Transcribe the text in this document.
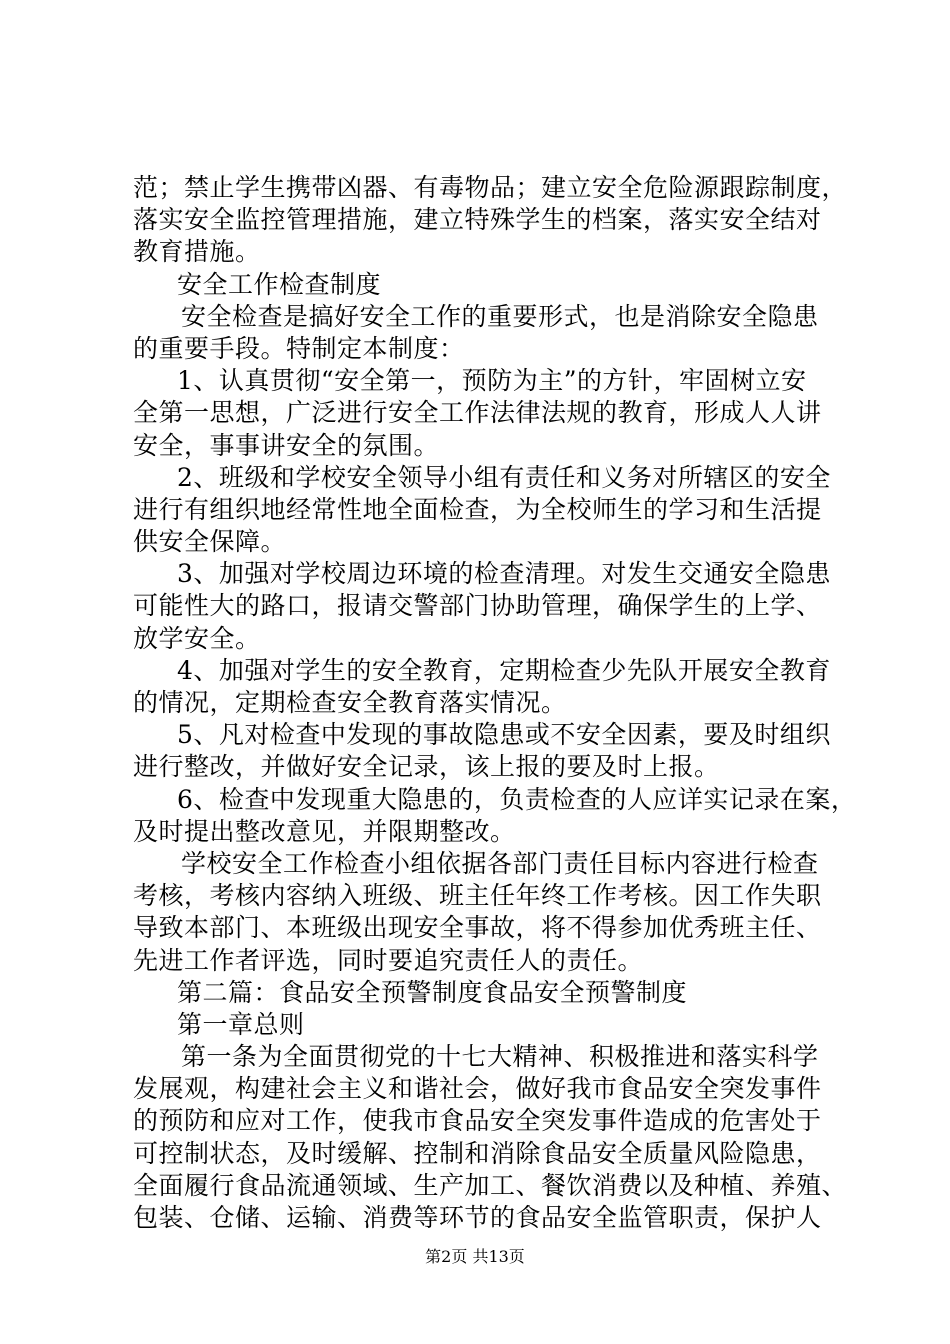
范；禁止学生携带凶器、有毒物品；建立安全危险源跟踪制度，
落实安全监控管理措施，建立特殊学生的档案，落实安全结对
教育措施。
安全工作检查制度
安全检查是搞好安全工作的重要形式，也是消除安全隐患
的重要手段。特制定本制度：
1、认真贯彻“安全第一，预防为主”的方针，牢固树立安
全第一思想，广泛进行安全工作法律法规的教育，形成人人讲
安全，事事讲安全的氛围。
2、班级和学校安全领导小组有责任和义务对所辖区的安全
进行有组织地经常性地全面检查，为全校师生的学习和生活提
供安全保障。
3、加强对学校周边环境的检查清理。对发生交通安全隐患
可能性大的路口，报请交警部门协助管理，确保学生的上学、
放学安全。
4、加强对学生的安全教育，定期检查少先队开展安全教育
的情况，定期检查安全教育落实情况。
5、凡对检查中发现的事故隐患或不安全因素，要及时组织
进行整改，并做好安全记录，该上报的要及时上报。
6、检查中发现重大隐患的，负责检查的人应详实记录在案，
及时提出整改意见，并限期整改。
学校安全工作检查小组依据各部门责任目标内容进行检查
考核，考核内容纳入班级、班主任年终工作考核。因工作失职
导致本部门、本班级出现安全事故，将不得参加优秀班主任、
先进工作者评选，同时要追究责任人的责任。
第二篇：食品安全预警制度食品安全预警制度
第一章总则
第一条为全面贯彻党的十七大精神、积极推进和落实科学
发展观，构建社会主义和谐社会，做好我市食品安全突发事件
的预防和应对工作，使我市食品安全突发事件造成的危害处于
可控制状态，及时缓解、控制和消除食品安全质量风险隐患，
全面履行食品流通领域、生产加工、餐饮消费以及种植、养殖、
包装、仓储、运输、消费等环节的食品安全监管职责，保护人
第2页 共13页
